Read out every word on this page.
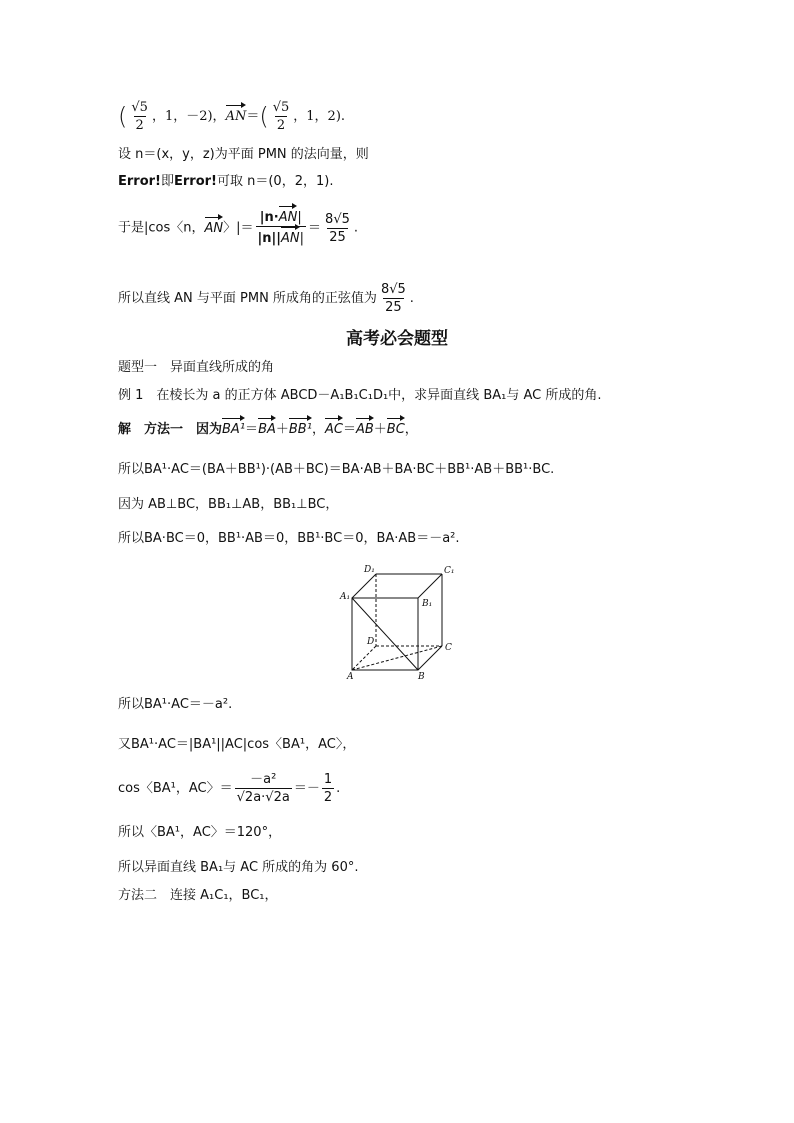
( $\frac{√5}{2}$ ，1，－2)，$AN=( \frac{√5}{2}$ ，1，2).
设 n＝(x，y，z)为平面 PMN 的法向量，则
Error!即Error!可取 n＝(0，2，1).
于是|cos〈n，AN〉|＝ $\frac{|n\cdot AN|}{|n||AN|} = \frac{8√5}{25}$ .
所以直线 AN 与平面 PMN 所成角的正弦值为 $\frac{8√5}{25}$ .
高考必会题型
题型一　异面直线所成的角
例 1　在棱长为 a 的正方体 ABCD－A₁B₁C₁D₁中，求异面直线 BA₁与 AC 所成的角.
解　方法一　因为BA¹＝BA＋BB¹，AC＝AB＋BC，
所以BA¹·AC＝(BA＋BB¹)·(AB＋BC)＝BA·AB＋BA·BC＋BB¹·AB＋BB¹·BC.
因为 AB⊥BC，BB₁⊥AB，BB₁⊥BC，
所以BA·BC＝0，BB¹·AB＝0，BB¹·BC＝0，BA·AB＝－a².
D₁	C₁
A₁
B₁
D
C
A	B
所以BA¹·AC＝－a².
又BA¹·AC＝|BA¹||AC|cos〈BA¹，AC〉，
cos〈BA¹，AC〉＝ $\frac{\text{－a²}}{√2a\cdot√2a} =- \frac{1}{2}$ .
所以〈BA¹，AC〉＝120°，
所以异面直线 BA₁与 AC 所成的角为 60°.
方法二　连接 A₁C₁，BC₁，
